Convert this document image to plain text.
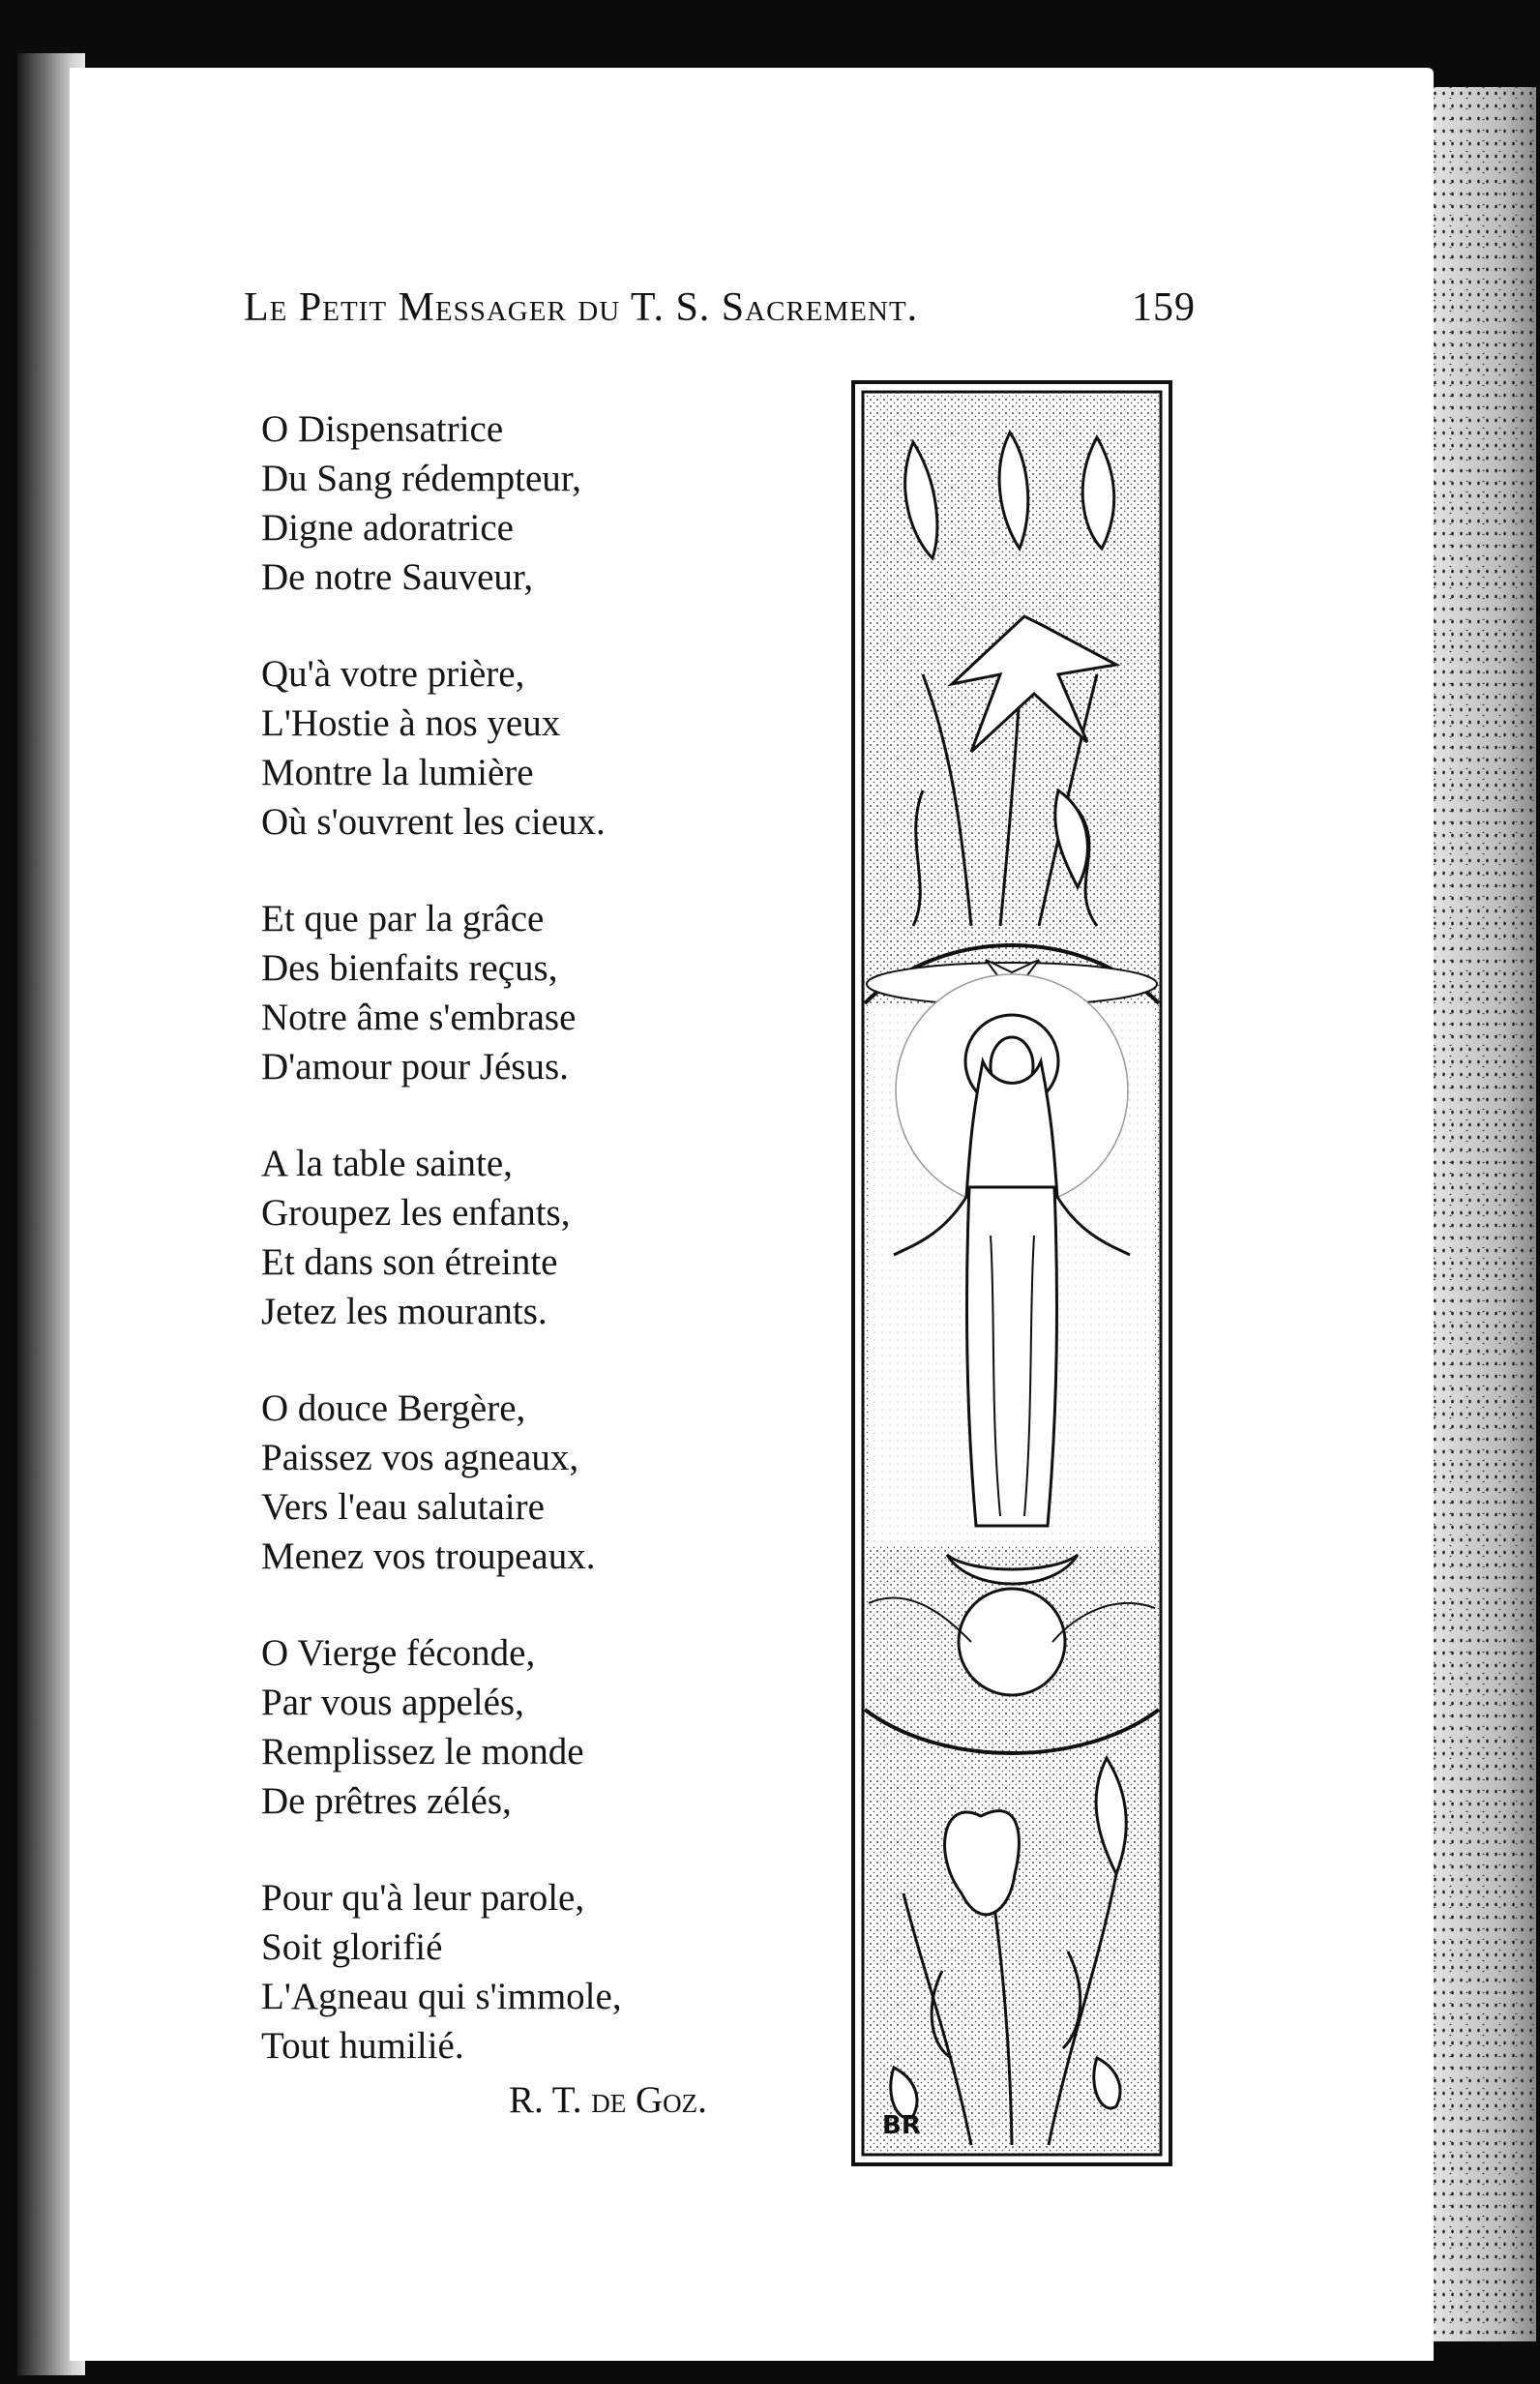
Le Petit Messager du T. S. Sacrement.	159
O Dispensatrice
Du Sang rédempteur,
Digne adoratrice
De notre Sauveur,
Qu'à votre prière,
L'Hostie à nos yeux
Montre la lumière
Où s'ouvrent les cieux.
Et que par la grâce
Des bienfaits reçus,
Notre âme s'embrase
D'amour pour Jésus.
A la table sainte,
Groupez les enfants,
Et dans son étreinte
Jetez les mourants.
O douce Bergère,
Paissez vos agneaux,
Vers l'eau salutaire
Menez vos troupeaux.
O Vierge féconde,
Par vous appelés,
Remplissez le monde
De prêtres zélés,
Pour qu'à leur parole,
Soit glorifié
L'Agneau qui s'immole,
Tout humilié.
R. T. de Goz.
BR
